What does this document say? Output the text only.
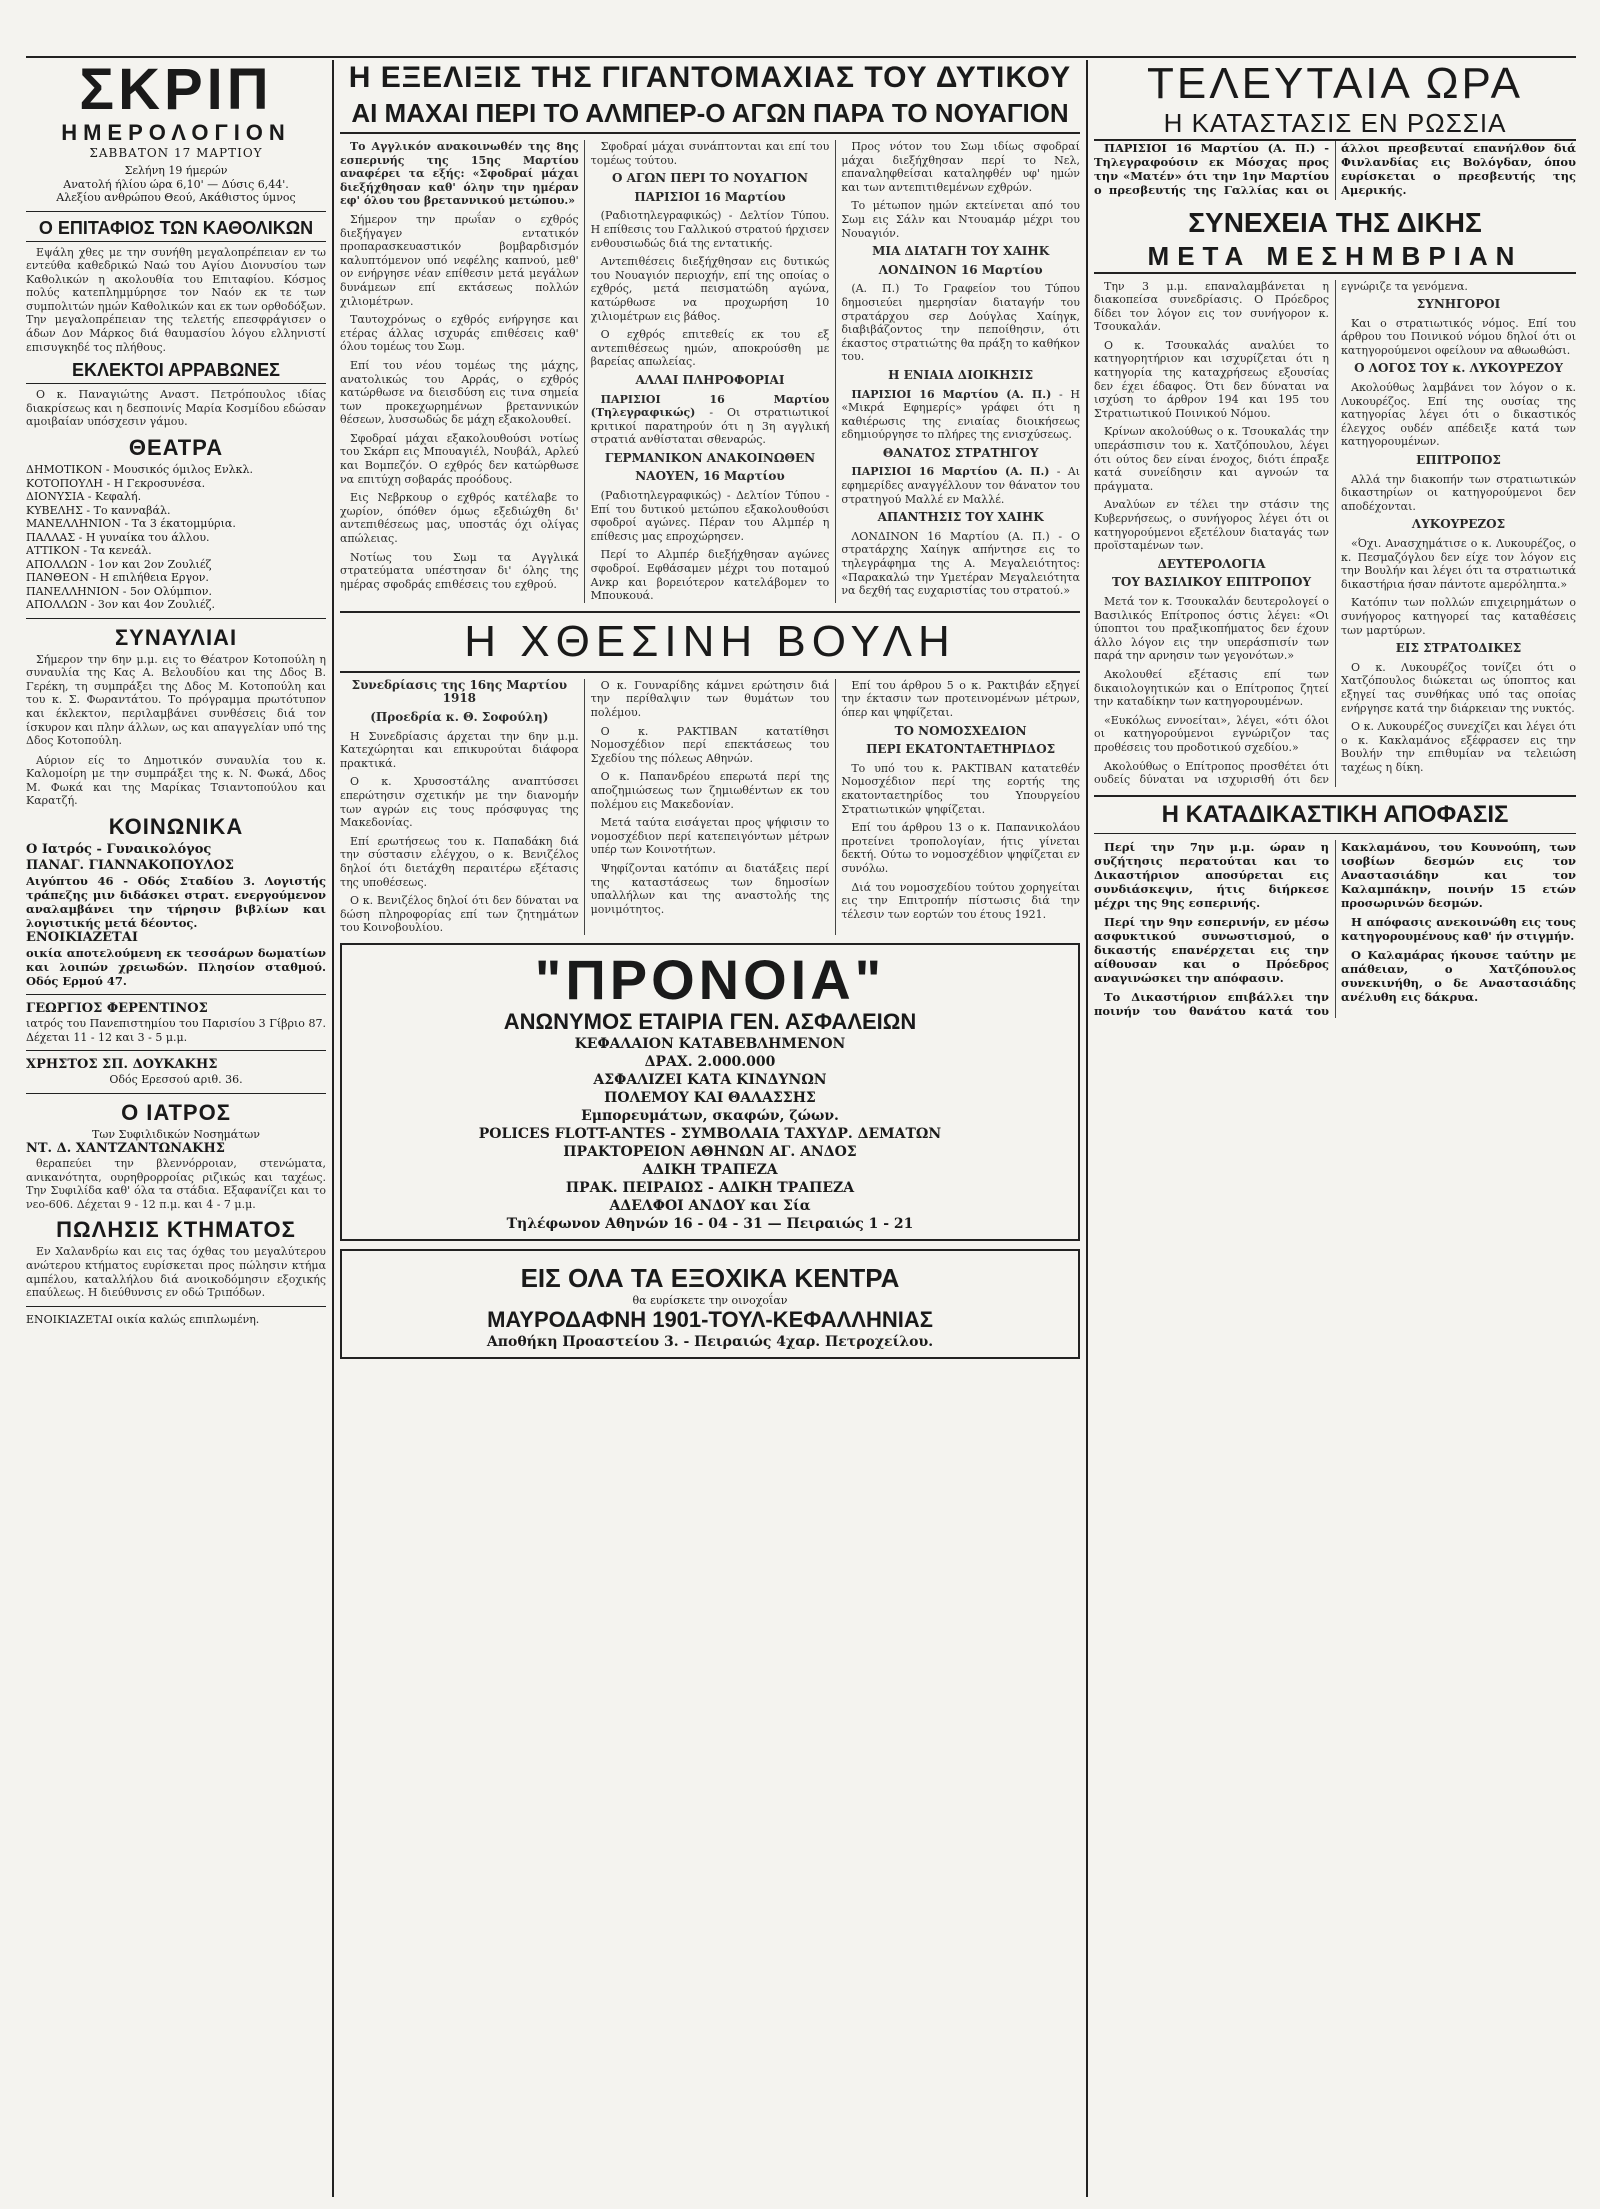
ΣΚΡΙΠ
ΗΜΕΡΟΛΟΓΙΟΝ
ΣΑΒΒΑΤΟΝ 17 ΜΑΡΤΙΟΥ
Σελήνη 19 ήμερών
Ανατολή ήλίου ώρα 6,10' — Δύσις 6,44'.
Αλεξίου ανθρώπου Θεού, Ακάθιστος ύμνος
Ο ΕΠΙΤΑΦΙΟΣ ΤΩΝ ΚΑΘΟΛΙΚΩΝ

Εψάλη χθες με την συνήθη μεγαλοπρέπειαν εν τω εντεύθα καθεδρικώ Ναώ του Αγίου Διονυσίου των Καθολικών η ακολουθία του Επιταφίου. Κόσμος πολύς κατεπλημμύρησε τον Ναόν εκ τε των συμπολιτών ημών Καθολικών και εκ των ορθοδόξων. Την μεγαλοπρέπειαν της τελετής επεσφράγισεν ο άδων Δον Μάρκος διά θαυμασίου λόγου ελληνιστί επισυγκηδέ τος πλήθους.

ΕΚΛΕΚΤΟΙ ΑΡΡΑΒΩΝΕΣ

Ο κ. Παναγιώτης Αναστ. Πετρόπουλος ιδίας διακρίσεως και η δεσποινίς Μαρία Κοσμίδου εδώσαν αμοιβαίαν υπόσχεσιν γάμου.

ΘΕΑΤΡΑ
ΔΗΜΟΤΙΚΟΝ - Μουσικός όμιλος Ενλκλ.
ΚΟΤΟΠΟΥΛΗ - Η Γεκροσυνέσα.
ΔΙΟΝΥΣΙΑ - Κεφαλή.
ΚΥΒΕΛΗΣ - Το κανναβάλ.
ΜΑΝΕΛΛΗΝΙΟΝ - Τα 3 έκατομμύρια.
ΠΑΛΛΑΣ - Η γυναίκα του άλλου.
ΑΤΤΙΚΟΝ - Τα κενεάλ.
ΑΠΟΛΛΩΝ - 1ον και 2ον Ζουλιέζ
ΠΑΝΘΕΟΝ - Η επιλήθεια Εργον.
ΠΑΝΕΛΛΗΝΙΟΝ - 5ον Ολύμπιον.
ΑΠΟΛΛΩΝ - 3ον και 4ον Ζουλιέζ.
ΣΥΝΑΥΛΙΑΙ

Σήμερον την 6ην μ.μ. εις το Θέατρον Κοτοπούλη η συναυλία της Κας Α. Βελουδίου και της Δδος Β. Γερέκη, τη συμπράξει της Δδος Μ. Κοτοπούλη και του κ. Σ. Φωραντάτου. Το πρόγραμμα πρωτότυπον και έκλεκτον, περιλαμβάνει συνθέσεις διά τον ίσκυρον και πλην άλλων, ως και απαγγελίαν υπό της Δδος Κοτοπούλη.

Αύριον είς το Δημοτικόν συναυλία του κ. Καλομοίρη με την συμπράξει της κ. Ν. Φωκά, Δδος Μ. Φωκά και της Μαρίκας Τσιαντοπούλου και Καρατζή.

ΚΟΙΝΩΝΙΚΑ
Ο Ιατρός - Γυναικολόγος
ΠΑΝΑΓ. ΓΙΑΝΝΑΚΟΠΟΥΛΟΣ
Αιγύπτου 46 - Οδός Σταδίου 3. Λογιστής τράπεζης μιν διδάσκει στρατ. ενεργούμενον αναλαμβάνει την τήρησιν βιβλίων και λογιστικής μετά δέοντος.
ΕΝΟΙΚΙΑΖΕΤΑΙ
οικία αποτελούμενη εκ τεσσάρων δωματίων και λοιπών χρειωδών. Πλησίον σταθμού. Οδός Ερμού 47.
ΓΕΩΡΓΙΟΣ ΦΕΡΕΝΤΙΝΟΣ
ιατρός του Πανεπιστημίου του Παρισίου 3 Γίβριο 87. Δέχεται 11 - 12 και 3 - 5 μ.μ.
ΧΡΗΣΤΟΣ ΣΠ. ΔΟΥΚΑΚΗΣ
Οδός Ερεσσού αριθ. 36.
Ο ΙΑΤΡΟΣ
Των Συφιλιδικών Νοσημάτων
ΝΤ. Δ. ΧΑΝΤΖΑΝΤΩΝΑΚΗΣ

θεραπεύει την βλεννόρροιαν, στενώματα, ανικανότητα, ουρηθρορροίας ριζικώς και ταχέως. Την Συφιλίδα καθ' όλα τα στάδια. Εξαφανίζει και το νεο-606. Δέχεται 9 - 12 π.μ. και 4 - 7 μ.μ.

ΠΩΛΗΣΙΣ ΚΤΗΜΑΤΟΣ

Εν Χαλανδρίω και εις τας όχθας του μεγαλύτερου ανώτερου κτήματος ευρίσκεται προς πώλησιν κτήμα αμπέλου, καταλλήλου διά ανοικοδόμησιν εξοχικής επαύλεως. Η διεύθυνσις εν οδώ Τριπόδων.

ΕΝΟΙΚΙΑΖΕΤΑΙ οικία καλώς επιπλωμένη.
Η ΕΞΕΛΙΞΙΣ ΤΗΣ ΓΙΓΑΝΤΟΜΑΧΙΑΣ ΤΟΥ ΔΥΤΙΚΟΥ
ΑΙ ΜΑΧΑΙ ΠΕΡΙ ΤΟ ΑΛΜΠΕΡ-Ο ΑΓΩΝ ΠΑΡΑ ΤΟ ΝΟΥΑΓΙΟΝ

Το Αγγλικόν ανακοινωθέν της 8ης εσπερινής της 15ης Μαρτίου αναφέρει τα εξής: «Σφοδραί μάχαι διεξήχθησαν καθ' όλην την ημέραν εφ' όλου του βρεταννικού μετώπου.»

Σήμερον την πρωΐαν ο εχθρός διεξήγαγεν εντατικόν προπαρασκευαστικόν βομβαρδισμόν καλυπτόμενον υπό νεφέλης καπνού, μεθ' ον ενήργησε νέαν επίθεσιν μετά μεγάλων δυνάμεων επί εκτάσεως πολλών χιλιομέτρων.

Ταυτοχρόνως ο εχθρός ενήργησε και ετέρας άλλας ισχυράς επιθέσεις καθ' όλου τομέως του Σωμ.

Επί του νέου τομέως της μάχης, ανατολικώς του Αρράς, ο εχθρός κατώρθωσε να διεισδύση εις τινα σημεία των προκεχωρημένων βρεταννικών θέσεων, λυσσωδώς δε μάχη εξακολουθεί.

Σφοδραί μάχαι εξακολουθούσι νοτίως του Σκάρπ εις Μπουαγιέλ, Νουβάλ, Αρλεύ και Βομπεζόν. Ο εχθρός δεν κατώρθωσε να επιτύχη σοβαράς προόδους.

Εις Νεβρκουρ ο εχθρός κατέλαβε το χωρίον, όπόθεν όμως εξεδιώχθη δι' αντεπιθέσεως μας, υποστάς όχι ολίγας απώλειας.

Νοτίως του Σωμ τα Αγγλικά στρατεύματα υπέστησαν δι' όλης της ημέρας σφοδράς επιθέσεις του εχθρού.

Σφοδραί μάχαι συνάπτονται και επί του τομέως τούτου.

Ο ΑΓΩΝ ΠΕΡΙ ΤΟ ΝΟΥΑΓΙΟΝ

ΠΑΡΙΣΙΟΙ 16 Μαρτίου

(Ραδιοτηλεγραφικώς) - Δελτίον Τύπου. Η επίθεσις του Γαλλικού στρατού ήρχισεν ενθουσιωδώς διά της εντατικής.

Αντεπιθέσεις διεξήχθησαν εις δυτικώς του Νουαγιόν περιοχήν, επί της οποίας ο εχθρός, μετά πεισματώδη αγώνα, κατώρθωσε να προχωρήση 10 χιλιομέτρων εις βάθος.

Ο εχθρός επιτεθείς εκ του εξ αντεπιθέσεως ημών, αποκρούσθη με βαρείας απωλείας.

ΑΛΛΑΙ ΠΛΗΡΟΦΟΡΙΑΙ

ΠΑΡΙΣΙΟΙ 16 Μαρτίου (Τηλεγραφικώς) - Οι στρατιωτικοί κριτικοί παρατηρούν ότι η 3η αγγλική στρατιά ανθίσταται σθεναρώς.

ΓΕΡΜΑΝΙΚΟΝ ΑΝΑΚΟΙΝΩΘΕΝ

ΝΑΟΥΕΝ, 16 Μαρτίου

(Ραδιοτηλεγραφικώς) - Δελτίον Τύπου - Επί του δυτικού μετώπου εξακολουθούσι σφοδροί αγώνες. Πέραν του Αλμπέρ η επίθεσις μας επροχώρησεν.

Περί το Αλμπέρ διεξήχθησαν αγώνες σφοδροί. Εφθάσαμεν μέχρι του ποταμού Ανκρ και βορειότερον κατελάβομεν το Μπουκουά.

Προς νότον του Σωμ ιδίως σφοδραί μάχαι διεξήχθησαν περί το Νελ, επαναληφθείσαι καταληφθέν υφ' ημών και των αντεπιτιθεμένων εχθρών.

Το μέτωπον ημών εκτείνεται από του Σωμ εις Σάλν και Ντουαμάρ μέχρι του Νουαγιόν.

ΜΙΑ ΔΙΑΤΑΓΗ ΤΟΥ ΧΑΙΗΚ

ΛΟΝΔΙΝΟΝ 16 Μαρτίου

(Α. Π.) Το Γραφείον του Τύπου δημοσιεύει ημερησίαν διαταγήν του στρατάρχου σερ Δούγλας Χαίηγκ, διαβιβάζοντος την πεποίθησιν, ότι έκαστος στρατιώτης θα πράξη το καθήκον του.

Η ΕΝΙΑΙΑ ΔΙΟΙΚΗΣΙΣ

ΠΑΡΙΣΙΟΙ 16 Μαρτίου (Α. Π.) - Η «Μικρά Εφημερίς» γράφει ότι η καθιέρωσις της ενιαίας διοικήσεως εδημιούργησε το πλήρες της ενισχύσεως.

ΘΑΝΑΤΟΣ ΣΤΡΑΤΗΓΟΥ

ΠΑΡΙΣΙΟΙ 16 Μαρτίου (Α. Π.) - Αι εφημερίδες αναγγέλλουν τον θάνατον του στρατηγού Μαλλέ εν Μαλλέ.

ΑΠΑΝΤΗΣΙΣ ΤΟΥ ΧΑΙΗΚ

ΛΟΝΔΙΝΟΝ 16 Μαρτίου (Α. Π.) - Ο στρατάρχης Χαίηγκ απήντησε εις το τηλεγράφημα της Α. Μεγαλειότητος: «Παρακαλώ την Υμετέραν Μεγαλειότητα να δεχθή τας ευχαριστίας του στρατού.»

Η ΧΘΕΣΙΝΗ ΒΟΥΛΗ

Συνεδρίασις της 16ης Μαρτίου 1918

(Προεδρία κ. Θ. Σοφούλη)

Η Συνεδρίασις άρχεται την 6ην μ.μ. Κατεχώρηται και επικυρούται διάφορα πρακτικά.

Ο κ. Χρυσοστάλης αναπτύσσει επερώτησιν σχετικήν με την διανομήν των αγρών εις τους πρόσφυγας της Μακεδονίας.

Επί ερωτήσεως του κ. Παπαδάκη διά την σύστασιν ελέγχου, ο κ. Βενιζέλος δηλοί ότι διετάχθη περαιτέρω εξέτασις της υποθέσεως.

Ο κ. Βενιζέλος δηλοί ότι δεν δύναται να δώση πληροφορίας επί των ζητημάτων του Κοινοβουλίου.

Ο κ. Γουναρίδης κάμνει ερώτησιν διά την περίθαλψιν των θυμάτων του πολέμου.

Ο κ. ΡΑΚΤΙΒΑΝ κατατίθησι Νομοσχέδιον περί επεκτάσεως του Σχεδίου της πόλεως Αθηνών.

Ο κ. Παπανδρέου επερωτά περί της αποζημιώσεως των ζημιωθέντων εκ του πολέμου εις Μακεδονίαν.

Μετά ταύτα εισάγεται προς ψήφισιν το νομοσχέδιον περί κατεπειγόντων μέτρων υπέρ των Κοινοτήτων.

Ψηφίζονται κατόπιν αι διατάξεις περί της καταστάσεως των δημοσίων υπαλλήλων και της αναστολής της μονιμότητος.

Επί του άρθρου 5 ο κ. Ρακτιβάν εξηγεί την έκτασιν των προτεινομένων μέτρων, όπερ και ψηφίζεται.

ΤΟ ΝΟΜΟΣΧΕΔΙΟΝ

ΠΕΡΙ ΕΚΑΤΟΝΤΑΕΤΗΡΙΔΟΣ

Το υπό του κ. ΡΑΚΤΙΒΑΝ κατατεθέν Νομοσχέδιον περί της εορτής της εκατονταετηρίδος του Υπουργείου Στρατιωτικών ψηφίζεται.

Επί του άρθρου 13 ο κ. Παπανικολάου προτείνει τροπολογίαν, ήτις γίνεται δεκτή. Ούτω το νομοσχέδιον ψηφίζεται εν συνόλω.

Διά του νομοσχεδίου τούτου χορηγείται εις την Επιτροπήν πίστωσις διά την τέλεσιν των εορτών του έτους 1921.

"ΠΡΟΝΟΙΑ"
ΑΝΩΝΥΜΟΣ ΕΤΑΙΡΙΑ ΓΕΝ. ΑΣΦΑΛΕΙΩΝ
ΚΕΦΑΛΑΙΟΝ ΚΑΤΑΒΕΒΛΗΜΕΝΟΝ
ΔΡΑΧ. 2.000.000
ΑΣΦΑΛΙΖΕΙ ΚΑΤΑ ΚΙΝΔΥΝΩΝ
ΠΟΛΕΜΟΥ ΚΑΙ ΘΑΛΑΣΣΗΣ
Εμπορευμάτων, σκαφών, ζώων.
POLICES FLOTT-ANTES - ΣΥΜΒΟΛΑΙΑ ΤΑΧΥΔΡ. ΔΕΜΑΤΩΝ
ΠΡΑΚΤΟΡΕΙΟΝ ΑΘΗΝΩΝ ΑΓ. ΑΝΔΟΣ
ΑΔΙΚΗ ΤΡΑΠΕΖΑ
ΠΡΑΚ. ΠΕΙΡΑΙΩΣ - ΑΔΙΚΗ ΤΡΑΠΕΖΑ
ΑΔΕΛΦΟΙ ΑΝΔΟΥ και Σία
Τηλέφωνον Αθηνών 16 - 04 - 31 — Πειραιώς 1 - 21
ΕΙΣ ΟΛΑ ΤΑ ΕΞΟΧΙΚΑ ΚΕΝΤΡΑ
θα ευρίσκετε την οινοχοΐαν
ΜΑΥΡΟΔΑΦΝΗ 1901-ΤΟΥΛ-ΚΕΦΑΛΛΗΝΙΑΣ
Αποθήκη Προαστείου 3. - Πειραιώς 4χαρ. Πετροχείλου.
ΤΕΛΕΥΤΑΙΑ ΩΡΑ
Η ΚΑΤΑΣΤΑΣΙΣ ΕΝ ΡΩΣΣΙΑ

ΠΑΡΙΣΙΟΙ 16 Μαρτίου (Α. Π.) - Τηλεγραφούσιν εκ Μόσχας προς την «Ματέν» ότι την 1ην Μαρτίου ο πρεσβευτής της Γαλλίας και οι άλλοι πρεσβευταί επανήλθον διά Φινλανδίας εις Βολόγδαν, όπου ευρίσκεται ο πρεσβευτής της Αμερικής.

ΣΥΝΕΧΕΙΑ ΤΗΣ ΔΙΚΗΣ
ΜΕΤΑ ΜΕΣΗΜΒΡΙΑΝ

Την 3 μ.μ. επαναλαμβάνεται η διακοπείσα συνεδρίασις. Ο Πρόεδρος δίδει τον λόγον εις τον συνήγορον κ. Τσουκαλάν.

Ο κ. Τσουκαλάς αναλύει το κατηγορητήριον και ισχυρίζεται ότι η κατηγορία της καταχρήσεως εξουσίας δεν έχει έδαφος. Ότι δεν δύναται να ισχύση το άρθρον 194 και 195 του Στρατιωτικού Ποινικού Νόμου.

Κρίνων ακολούθως ο κ. Τσουκαλάς την υπεράσπισιν του κ. Χατζόπουλου, λέγει ότι ούτος δεν είναι ένοχος, διότι έπραξε κατά συνείδησιν και αγνοών τα πράγματα.

Αναλύων εν τέλει την στάσιν της Κυβερνήσεως, ο συνήγορος λέγει ότι οι κατηγορούμενοι εξετέλουν διαταγάς των προϊσταμένων των.

ΔΕΥΤΕΡΟΛΟΓΙΑ

ΤΟΥ ΒΑΣΙΛΙΚΟΥ ΕΠΙΤΡΟΠΟΥ

Μετά τον κ. Τσουκαλάν δευτερολογεί ο Βασιλικός Επίτροπος όστις λέγει: «Οι ύποπτοι του πραξικοπήματος δεν έχουν άλλο λόγον εις την υπεράσπισίν των παρά την αρνησιν των γεγονότων.»

Ακολουθεί εξέτασις επί των δικαιολογητικών και ο Επίτροπος ζητεί την καταδίκην των κατηγορουμένων.

«Ευκόλως εννοείται», λέγει, «ότι όλοι οι κατηγορούμενοι εγνώριζον τας προθέσεις του προδοτικού σχεδίου.»

Ακολούθως ο Επίτροπος προσθέτει ότι ουδείς δύναται να ισχυρισθή ότι δεν εγνώριζε τα γενόμενα.

ΣΥΝΗΓΟΡΟΙ

Και ο στρατιωτικός νόμος. Επί του άρθρου του Ποινικού νόμου δηλοί ότι οι κατηγορούμενοι οφείλουν να αθωωθώσι.

Ο ΛΟΓΟΣ ΤΟΥ κ. ΛΥΚΟΥΡΕΖΟΥ

Ακολούθως λαμβάνει τον λόγον ο κ. Λυκουρέζος. Επί της ουσίας της κατηγορίας λέγει ότι ο δικαστικός έλεγχος ουδέν απέδειξε κατά των κατηγορουμένων.

ΕΠΙΤΡΟΠΟΣ

Αλλά την διακοπήν των στρατιωτικών δικαστηρίων οι κατηγορούμενοι δεν αποδέχονται.

ΛΥΚΟΥΡΕΖΟΣ

«Όχι. Ανασχημάτισε ο κ. Λυκουρέζος, ο κ. Πεσμαζόγλου δεν είχε τον λόγον εις την Βουλήν και λέγει ότι τα στρατιωτικά δικαστήρια ήσαν πάντοτε αμερόληπτα.»

Κατόπιν των πολλών επιχειρημάτων ο συνήγορος κατηγορεί τας καταθέσεις των μαρτύρων.

ΕΙΣ ΣΤΡΑΤΟΔΙΚΕΣ

Ο κ. Λυκουρέζος τονίζει ότι ο Χατζόπουλος διώκεται ως ύποπτος και εξηγεί τας συνθήκας υπό τας οποίας ενήργησε κατά την διάρκειαν της νυκτός.

Ο κ. Λυκουρέζος συνεχίζει και λέγει ότι ο κ. Κακλαμάνος εξέφρασεν εις την Βουλήν την επιθυμίαν να τελειώση ταχέως η δίκη.

Η ΚΑΤΑΔΙΚΑΣΤΙΚΗ ΑΠΟΦΑΣΙΣ

Περί την 7ην μ.μ. ώραν η συζήτησις περατούται και το Δικαστήριον αποσύρεται εις συνδιάσκεψιν, ήτις διήρκεσε μέχρι της 9ης εσπερινής.

Περί την 9ην εσπερινήν, εν μέσω ασφυκτικού συνωστισμού, ο δικαστής επανέρχεται εις την αίθουσαν και ο Πρόεδρος αναγινώσκει την απόφασιν.

Το Δικαστήριον επιβάλλει την ποινήν του θανάτου κατά του Κακλαμάνου, του Κουνούπη, των ισοβίων δεσμών εις τον Αναστασιάδην και τον Καλαμπάκην, ποινήν 15 ετών προσωρινών δεσμών.

Η απόφασις ανεκοινώθη εις τους κατηγορουμένους καθ' ήν στιγμήν.

Ο Καλαμάρας ήκουσε ταύτην με απάθειαν, ο Χατζόπουλος συνεκινήθη, ο δε Αναστασιάδης ανέλυθη εις δάκρυα.
